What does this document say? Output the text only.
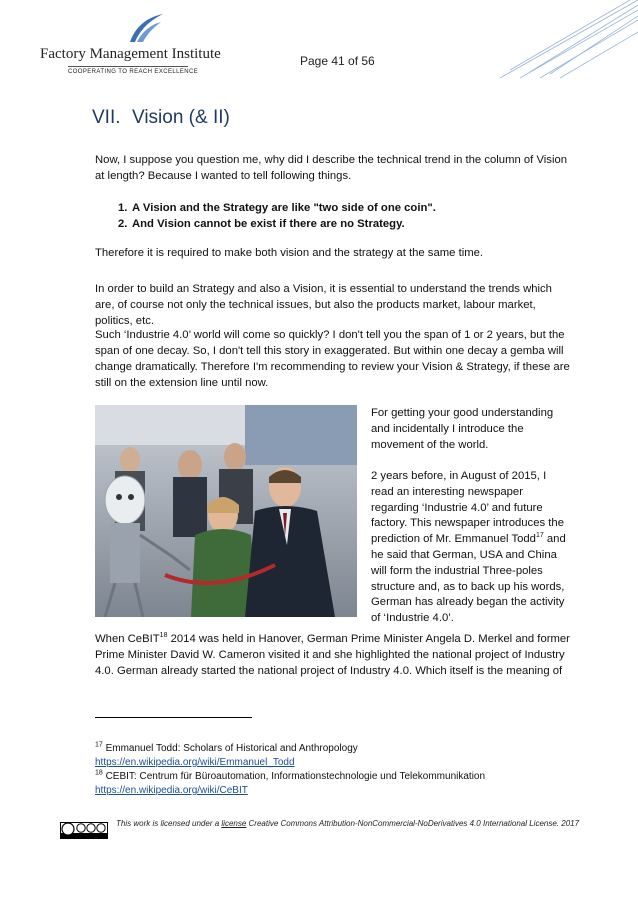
Factory Management Institute
COOPERATING TO REACH EXCELLENCE
Page 41 of 56
VII. Vision (& II)

Now, I suppose you question me, why did I describe the technical trend in the column of Vision at length? Because I wanted to tell following things.

1. A Vision and the Strategy are like "two side of one coin".
2. And Vision cannot be exist if there are no Strategy.

Therefore it is required to make both vision and the strategy at the same time.

In order to build an Strategy and also a Vision, it is essential to understand the trends which are, of course not only the technical issues, but also the products market, labour market, politics, etc.

Such ‘Industrie 4.0’ world will come so quickly? I don't tell you the span of 1 or 2 years, but the span of one decay. So, I don't tell this story in exaggerated. But within one decay a gemba will change dramatically. Therefore I'm recommending to review your Vision & Strategy, if these are still on the extension line until now.

For getting your good understanding and incidentally I introduce the movement of the world.

2 years before, in August of 2015, I read an interesting newspaper regarding ‘Industrie 4.0’ and future factory. This newspaper introduces the prediction of Mr. Emmanuel Todd$^{17}$ and he said that German, USA and China will form the industrial Three-poles structure and, as to back up his words, German has already began the activity of ‘Industrie 4.0’.

When CeBIT$^{18}$ 2014 was held in Hanover, German Prime Minister Angela D. Merkel and former Prime Minister David W. Cameron visited it and she highlighted the national project of Industry 4.0. German already started the national project of Industry 4.0. Which itself is the meaning of

$^{17}$ Emmanuel Todd: Scholars of Historical and Anthropology

https://en.wikipedia.org/wiki/Emmanuel_Todd

$^{18}$ CEBIT: Centrum für Büroautomation, Informationstechnologie und Telekommunikation

https://en.wikipedia.org/wiki/CeBIT

This work is licensed under a license Creative Commons Attribution-NonCommercial-NoDerivatives 4.0 International License. 2017
